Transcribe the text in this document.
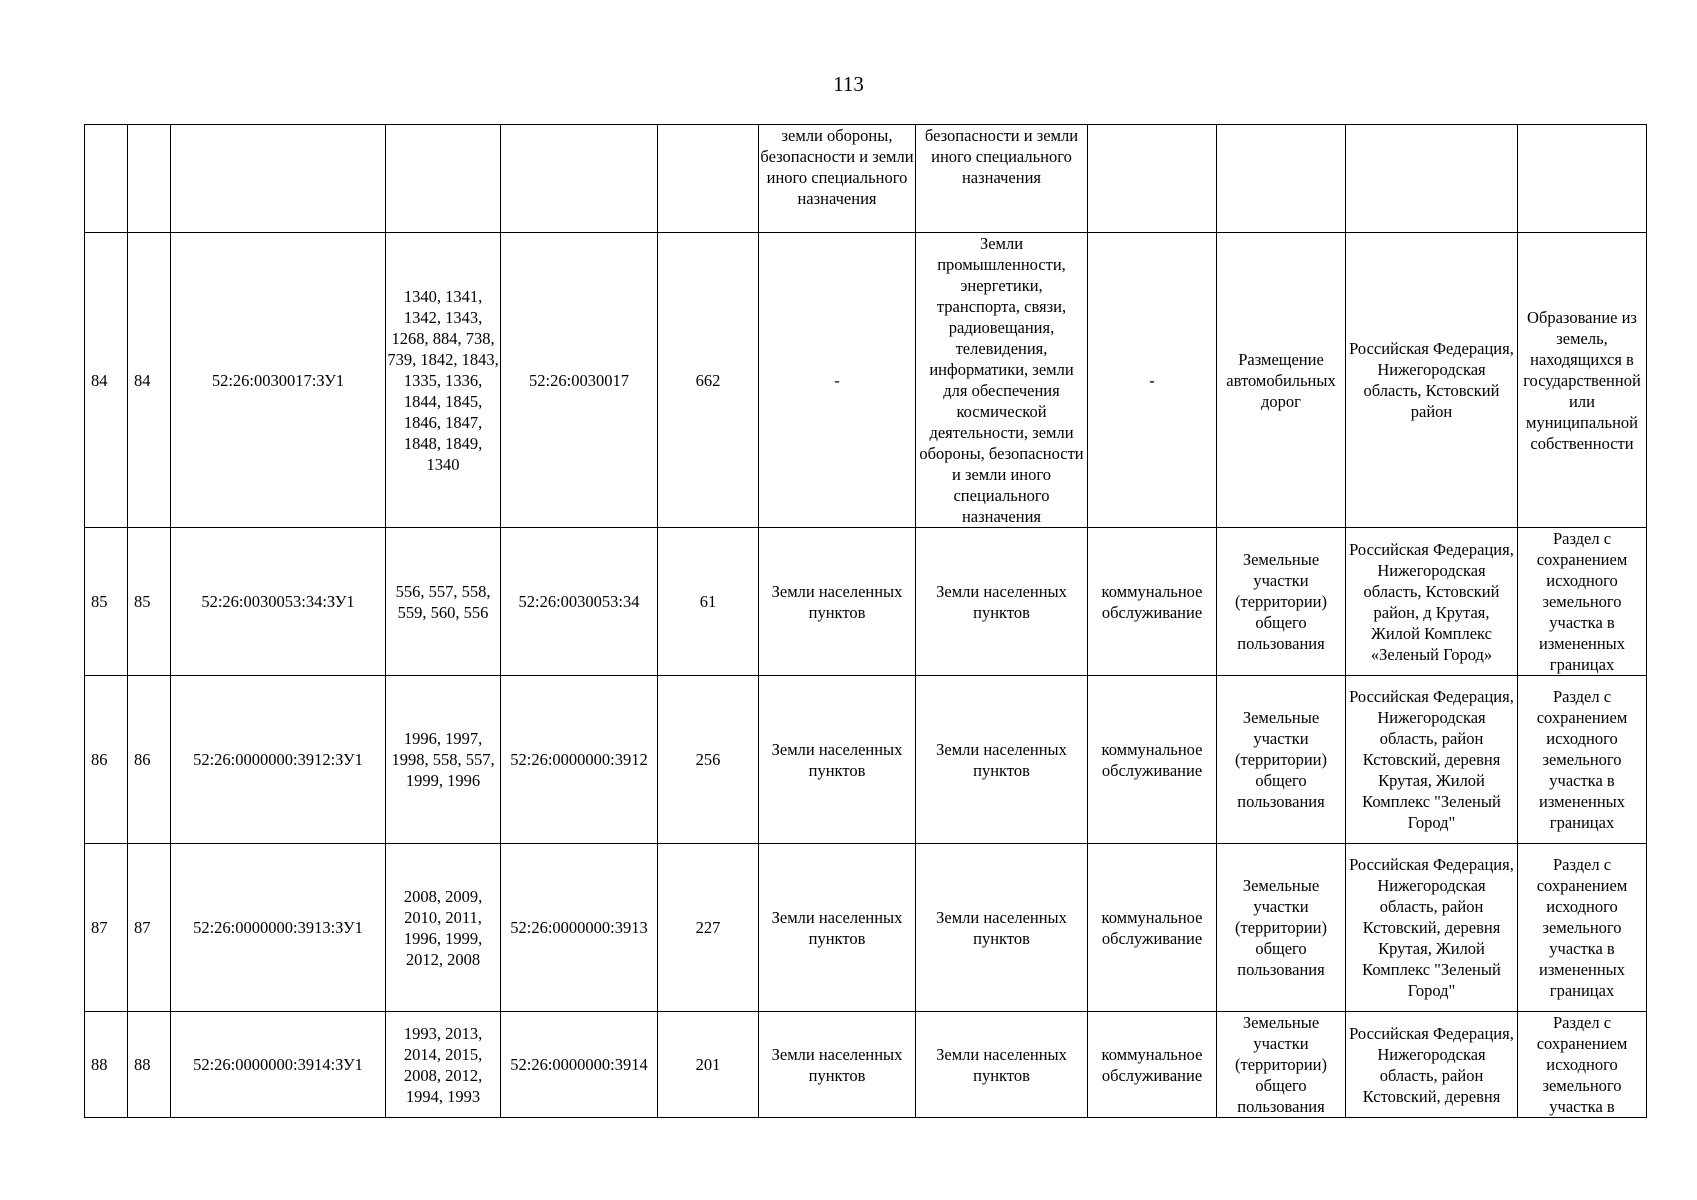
113
						земли обороны, безопасности и земли иного специального назначения	безопасности и земли иного специального назначения				
84	84	52:26:0030017:ЗУ1	1340, 1341, 1342, 1343, 1268, 884, 738, 739, 1842, 1843, 1335, 1336, 1844, 1845, 1846, 1847, 1848, 1849, 1340	52:26:0030017	662	-	Земли промышленности, энергетики, транспорта, связи, радиовещания, телевидения, информатики, земли для обеспечения космической деятельности, земли обороны, безопасности и земли иного специального назначения	-	Размещение автомобильных дорог	Российская Федерация, Нижегородская область, Кстовский район	Образование из земель, находящихся в государственной или муниципальной собственности
85	85	52:26:0030053:34:ЗУ1	556, 557, 558, 559, 560, 556	52:26:0030053:34	61	Земли населенных пунктов	Земли населенных пунктов	коммунальное обслуживание	Земельные участки (территории) общего пользования	Российская Федерация, Нижегородская область, Кстовский район, д Крутая, Жилой Комплекс «Зеленый Город»	Раздел с сохранением исходного земельного участка в измененных границах
86	86	52:26:0000000:3912:ЗУ1	1996, 1997, 1998, 558, 557, 1999, 1996	52:26:0000000:3912	256	Земли населенных пунктов	Земли населенных пунктов	коммунальное обслуживание	Земельные участки (территории) общего пользования	Российская Федерация, Нижегородская область, район Кстовский, деревня Крутая, Жилой Комплекс "Зеленый Город"	Раздел с сохранением исходного земельного участка в измененных границах
87	87	52:26:0000000:3913:ЗУ1	2008, 2009, 2010, 2011, 1996, 1999, 2012, 2008	52:26:0000000:3913	227	Земли населенных пунктов	Земли населенных пунктов	коммунальное обслуживание	Земельные участки (территории) общего пользования	Российская Федерация, Нижегородская область, район Кстовский, деревня Крутая, Жилой Комплекс "Зеленый Город"	Раздел с сохранением исходного земельного участка в измененных границах
88	88	52:26:0000000:3914:ЗУ1	1993, 2013, 2014, 2015, 2008, 2012, 1994, 1993	52:26:0000000:3914	201	Земли населенных пунктов	Земли населенных пунктов	коммунальное обслуживание	Земельные участки (территории) общего пользования	Российская Федерация, Нижегородская область, район Кстовский, деревня	Раздел с сохранением исходного земельного участка в
